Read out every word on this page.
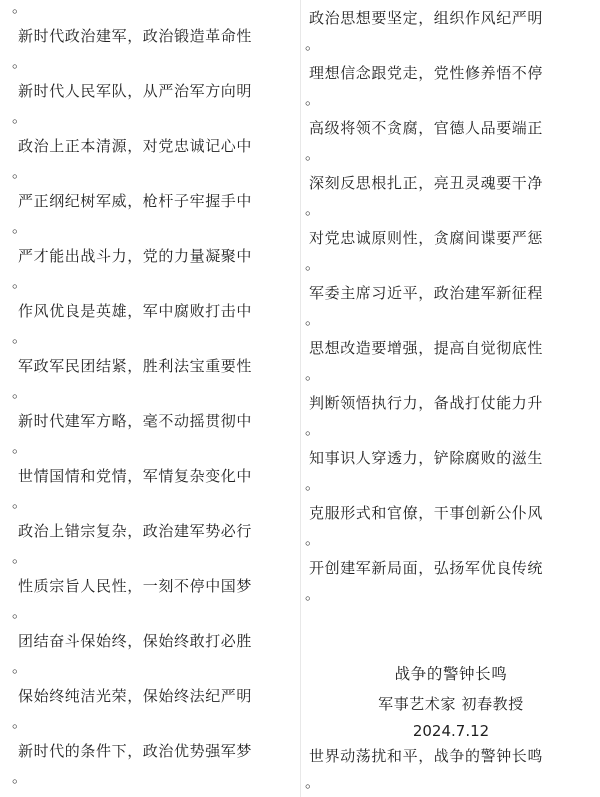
。
新时代政治建军，政治锻造革命性
。
新时代人民军队，从严治军方向明
。
政治上正本清源，对党忠诚记心中
。
严正纲纪树军威，枪杆子牢握手中
。
严才能出战斗力，党的力量凝聚中
。
作风优良是英雄，军中腐败打击中
。
军政军民团结紧，胜利法宝重要性
。
新时代建军方略，毫不动摇贯彻中
。
世情国情和党情，军情复杂变化中
。
政治上错宗复杂，政治建军势必行
。
性质宗旨人民性，一刻不停中国梦
。
团结奋斗保始终，保始终敢打必胜
。
保始终纯洁光荣，保始终法纪严明
。
新时代的条件下，政治优势强军梦
。
政治思想要坚定，组织作风纪严明
。
理想信念跟党走，党性修养悟不停
。
高级将领不贪腐，官德人品要端正
。
深刻反思根扎正，亮丑灵魂要干净
。
对党忠诚原则性，贪腐间谍要严惩
。
军委主席习近平，政治建军新征程
。
思想改造要增强，提高自觉彻底性
。
判断领悟执行力，备战打仗能力升
。
知事识人穿透力，铲除腐败的滋生
。
克服形式和官僚，干事创新公仆风
。
开创建军新局面，弘扬军优良传统
。
战争的警钟长鸣
军事艺术家 初春教授
2024.7.12
世界动荡扰和平，战争的警钟长鸣
。
